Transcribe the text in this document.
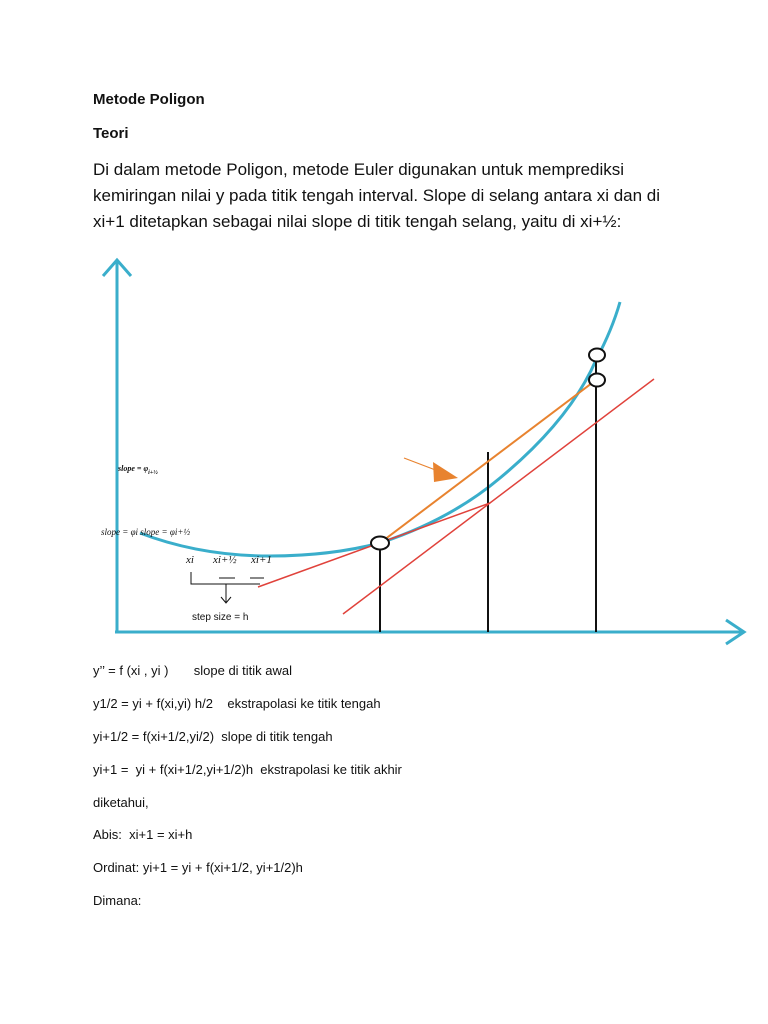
Metode Poligon
Teori
Di dalam metode Poligon, metode Euler digunakan untuk memprediksi
kemiringan nilai y pada titik tengah interval. Slope di selang antara xi dan di
xi+1 ditetapkan sebagai nilai slope di titik tengah selang, yaitu di xi+½:
slope = $\varphi_{i+\frac{1}{2}}$
slope = φi slope = φi+½
xi xi+½ xi+1
step size = h
y’’ = f (xi , yi )       slope di titik awal
y1/2 = yi + f(xi,yi) h/2    ekstrapolasi ke titik tengah
yi+1/2 = f(xi+1/2,yi/2)  slope di titik tengah
yi+1 =  yi + f(xi+1/2,yi+1/2)h  ekstrapolasi ke titik akhir
diketahui,
Abis:  xi+1 = xi+h
Ordinat: yi+1 = yi + f(xi+1/2, yi+1/2)h
Dimana:
